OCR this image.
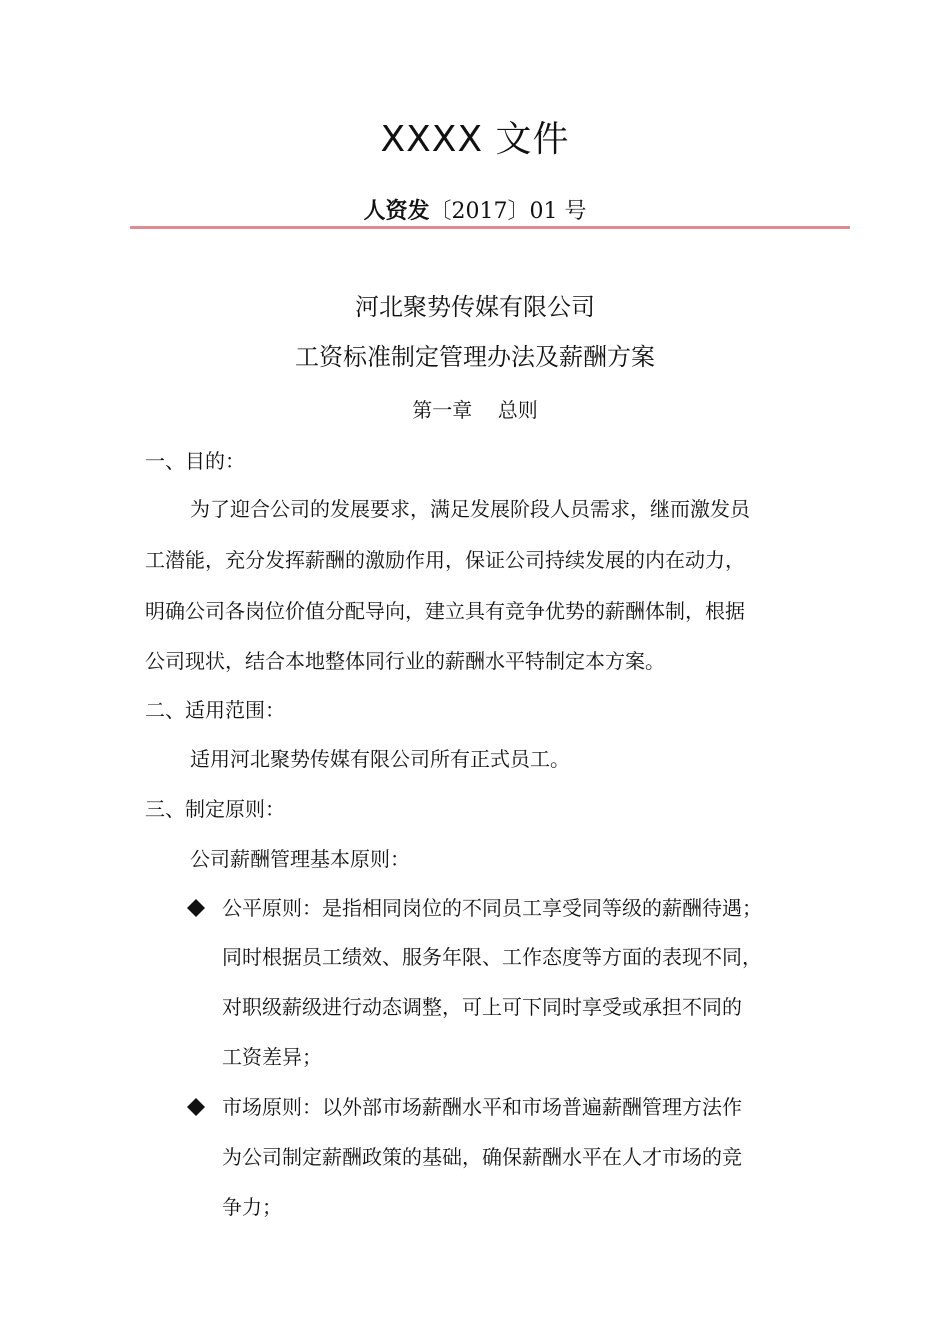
XXXX 文件
人资发〔2017〕01 号
河北聚势传媒有限公司
工资标准制定管理办法及薪酬方案
第一章    总则
一、目的：
为了迎合公司的发展要求，满足发展阶段人员需求，继而激发员
工潜能，充分发挥薪酬的激励作用，保证公司持续发展的内在动力，
明确公司各岗位价值分配导向，建立具有竞争优势的薪酬体制，根据
公司现状，结合本地整体同行业的薪酬水平特制定本方案。
二、适用范围：
适用河北聚势传媒有限公司所有正式员工。
三、制定原则：
公司薪酬管理基本原则：
公平原则：是指相同岗位的不同员工享受同等级的薪酬待遇；
同时根据员工绩效、服务年限、工作态度等方面的表现不同，
对职级薪级进行动态调整，可上可下同时享受或承担不同的
工资差异；
市场原则：以外部市场薪酬水平和市场普遍薪酬管理方法作
为公司制定薪酬政策的基础，确保薪酬水平在人才市场的竞
争力；
